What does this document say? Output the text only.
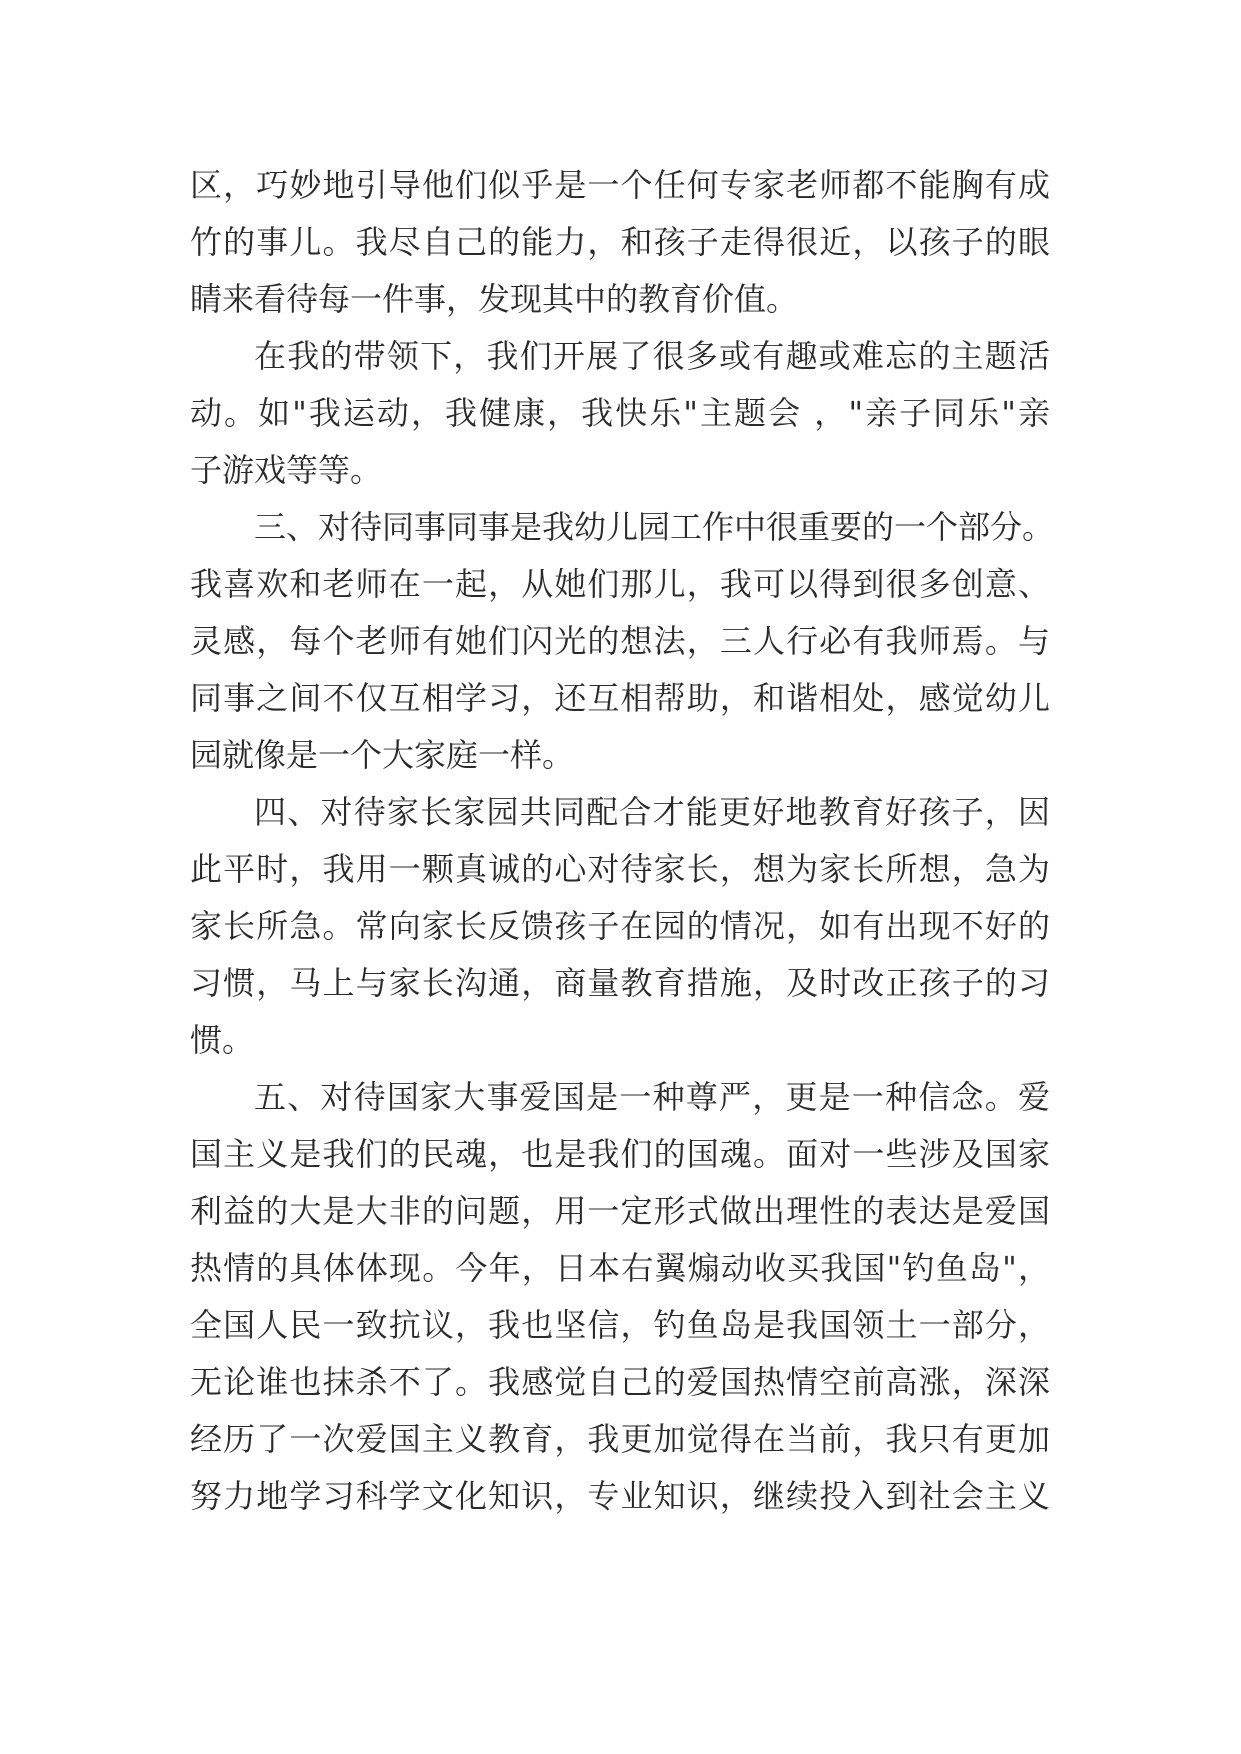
区，巧妙地引导他们似乎是一个任何专家老师都不能胸有成
竹的事儿。我尽自己的能力，和孩子走得很近，以孩子的眼
睛来看待每一件事，发现其中的教育价值。
在我的带领下，我们开展了很多或有趣或难忘的主题活
动。如"我运动，我健康，我快乐"主题会 ，"亲子同乐"亲
子游戏等等。
三、对待同事同事是我幼儿园工作中很重要的一个部分。
我喜欢和老师在一起，从她们那儿，我可以得到很多创意、
灵感，每个老师有她们闪光的想法，三人行必有我师焉。与
同事之间不仅互相学习，还互相帮助，和谐相处，感觉幼儿
园就像是一个大家庭一样。
四、对待家长家园共同配合才能更好地教育好孩子，因
此平时，我用一颗真诚的心对待家长，想为家长所想，急为
家长所急。常向家长反馈孩子在园的情况，如有出现不好的
习惯，马上与家长沟通，商量教育措施，及时改正孩子的习
惯。
五、对待国家大事爱国是一种尊严，更是一种信念。爱
国主义是我们的民魂，也是我们的国魂。面对一些涉及国家
利益的大是大非的问题，用一定形式做出理性的表达是爱国
热情的具体体现。今年，日本右翼煽动收买我国"钓鱼岛"，
全国人民一致抗议，我也坚信，钓鱼岛是我国领土一部分，
无论谁也抹杀不了。我感觉自己的爱国热情空前高涨，深深
经历了一次爱国主义教育，我更加觉得在当前，我只有更加
努力地学习科学文化知识，专业知识，继续投入到社会主义
